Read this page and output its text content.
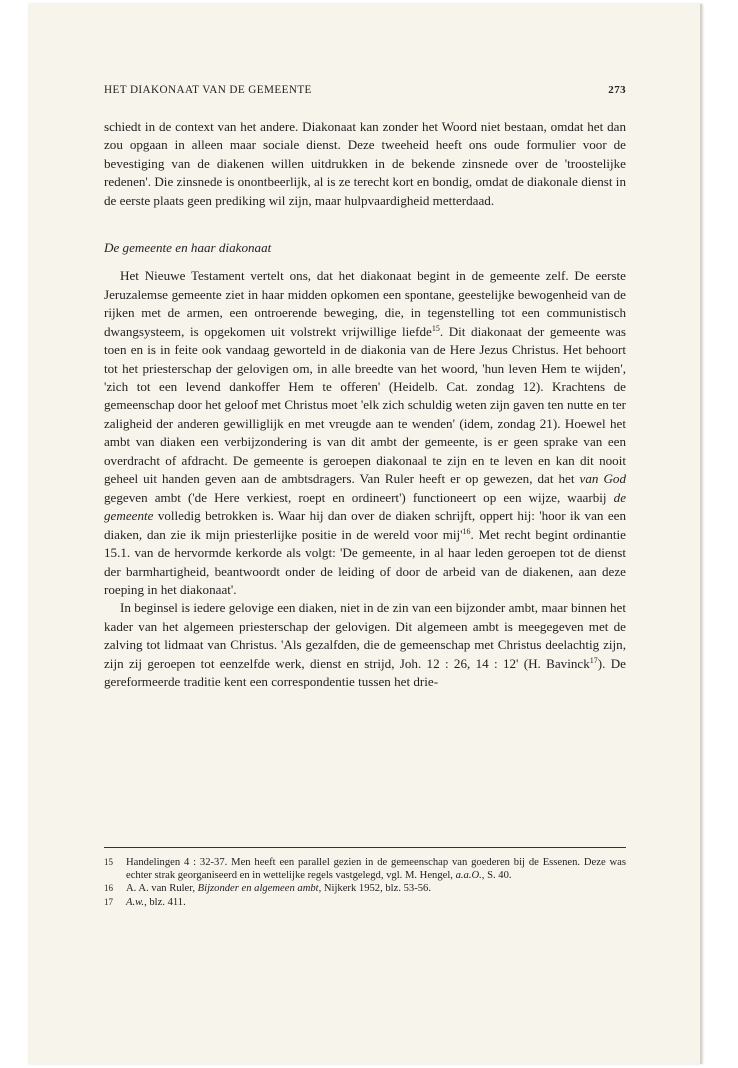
HET DIAKONAAT VAN DE GEMEENTE	273

schiedt in de context van het andere. Diakonaat kan zonder het Woord niet bestaan, omdat het dan zou opgaan in alleen maar sociale dienst. Deze tweeheid heeft ons oude formulier voor de bevestiging van de diakenen willen uitdrukken in de bekende zinsnede over de 'troostelijke redenen'. Die zinsnede is onontbeerlijk, al is ze terecht kort en bondig, omdat de diakonale dienst in de eerste plaats geen prediking wil zijn, maar hulpvaardigheid metterdaad.

De gemeente en haar diakonaat

Het Nieuwe Testament vertelt ons, dat het diakonaat begint in de gemeente zelf. De eerste Jeruzalemse gemeente ziet in haar midden opkomen een spontane, geestelijke bewogenheid van de rijken met de armen, een ontroerende beweging, die, in tegenstelling tot een communistisch dwangsysteem, is opgekomen uit volstrekt vrijwillige liefde$^{15}$. Dit diakonaat der gemeente was toen en is in feite ook vandaag geworteld in de diakonia van de Here Jezus Christus. Het behoort tot het priesterschap der gelovigen om, in alle breedte van het woord, 'hun leven Hem te wijden', 'zich tot een levend dankoffer Hem te offeren' (Heidelb. Cat. zondag 12). Krachtens de gemeenschap door het geloof met Christus moet 'elk zich schuldig weten zijn gaven ten nutte en ter zaligheid der anderen gewilliglijk en met vreugde aan te wenden' (idem, zondag 21). Hoewel het ambt van diaken een verbijzondering is van dit ambt der gemeente, is er geen sprake van een overdracht of afdracht. De gemeente is geroepen diakonaal te zijn en te leven en kan dit nooit geheel uit handen geven aan de ambtsdragers. Van Ruler heeft er op gewezen, dat het van God gegeven ambt ('de Here verkiest, roept en ordineert') functioneert op een wijze, waarbij de gemeente volledig betrokken is. Waar hij dan over de diaken schrijft, oppert hij: 'hoor ik van een diaken, dan zie ik mijn priesterlijke positie in de wereld voor $mij'^{16}$. Met recht begint ordinantie 15.1. van de hervormde kerkorde als volgt: 'De gemeente, in al haar leden geroepen tot de dienst der barmhartigheid, beantwoordt onder de leiding of door de arbeid van de diakenen, aan deze roeping in het diakonaat'.

In beginsel is iedere gelovige een diaken, niet in de zin van een bijzonder ambt, maar binnen het kader van het algemeen priesterschap der gelovigen. Dit algemeen ambt is meegegeven met de zalving tot lidmaat van Christus. 'Als gezalfden, die de gemeenschap met Christus deelachtig zijn, zijn zij geroepen tot eenzelfde werk, dienst en strijd, Joh. 12 : 26, 14 : 12' (H. Bavinck$^{17}$). De gereformeerde traditie kent een correspondentie tussen het drie-

15 Handelingen 4 : 32-37. Men heeft een parallel gezien in de gemeenschap van goederen bij de Essenen. Deze was echter strak georganiseerd en in wettelijke regels vastgelegd, vgl. M. Hengel, a.a.O., S. 40.
16 A. A. van Ruler, Bijzonder en algemeen ambt, Nijkerk 1952, blz. 53-56.
17 A.w., blz. 411.
